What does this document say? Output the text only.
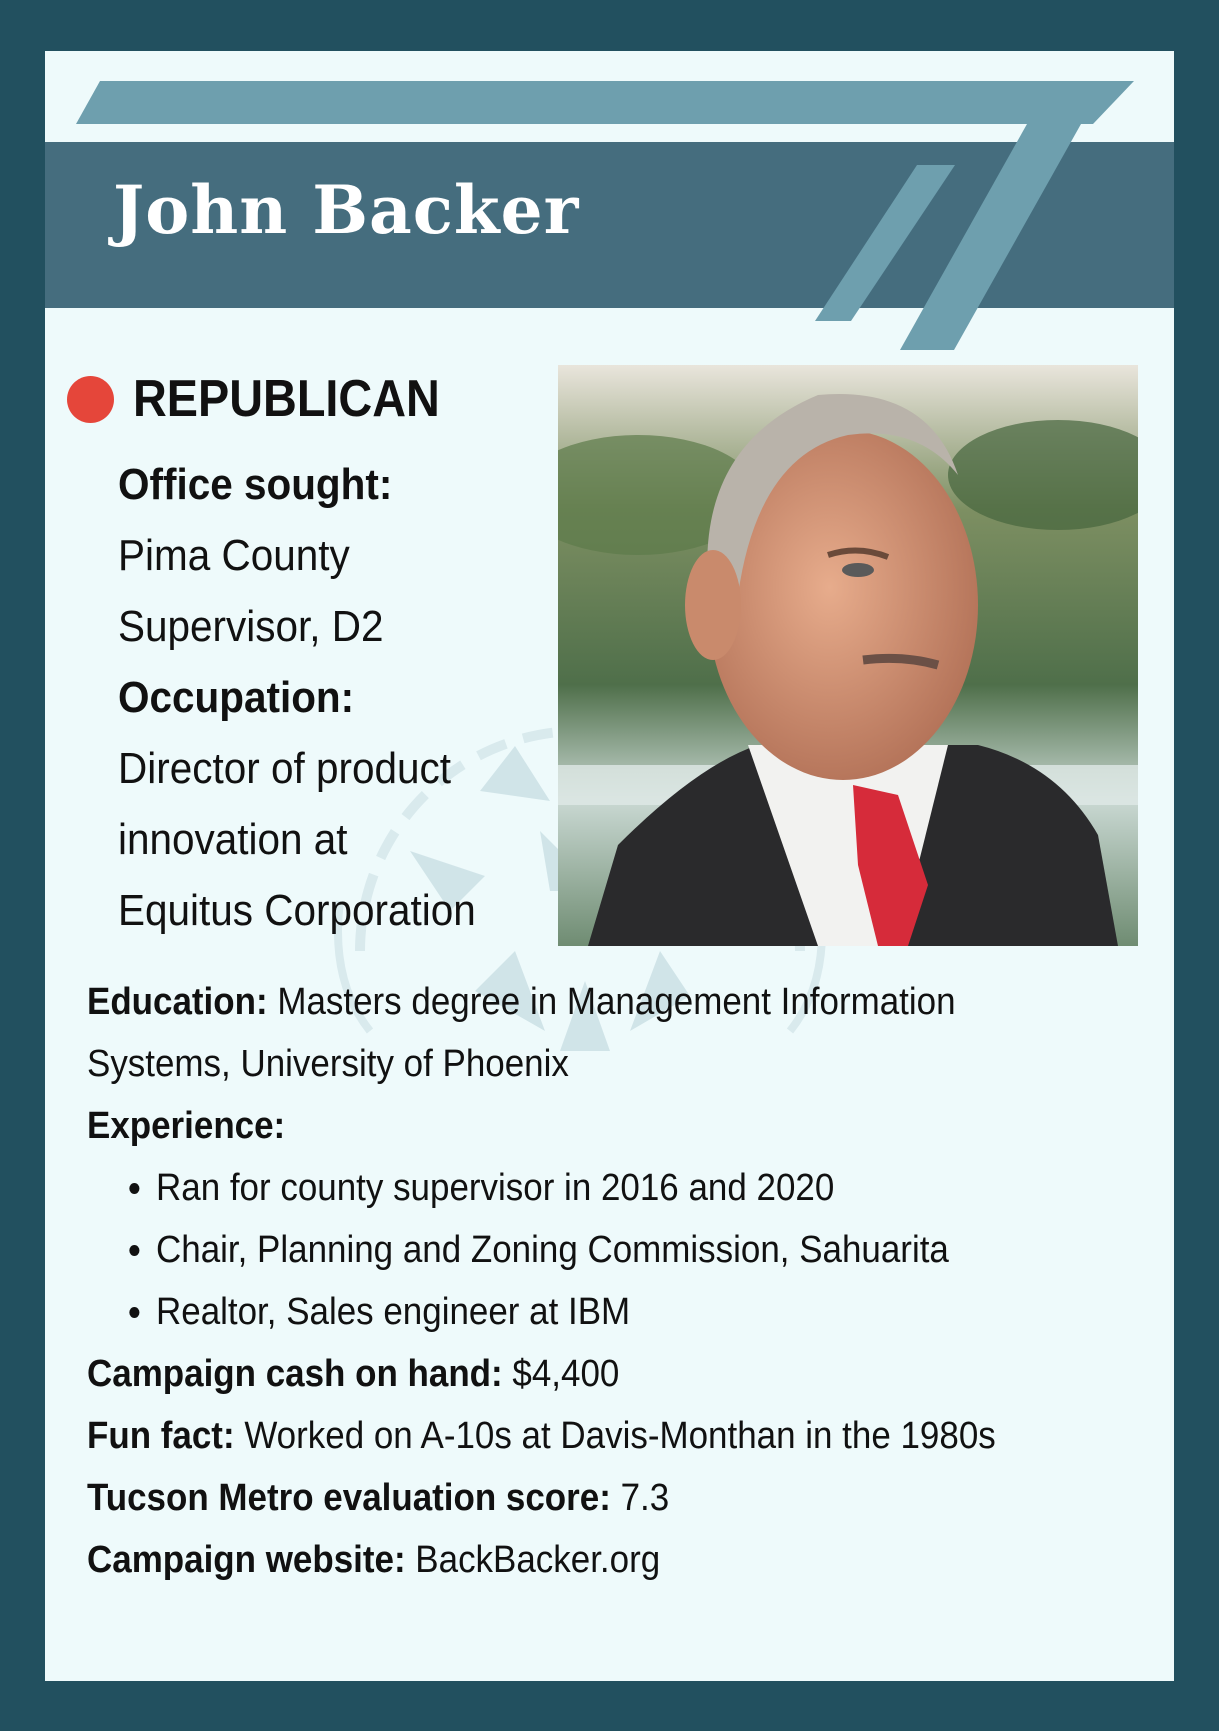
John Backer
REPUBLICAN
Office sought:
Pima County
Supervisor, D2
Occupation:
Director of product
innovation at
Equitus Corporation
Education: Masters degree in Management Information Systems, University of Phoenix
Experience:
• Ran for county supervisor in 2016 and 2020
• Chair, Planning and Zoning Commission, Sahuarita
• Realtor, Sales engineer at IBM
Campaign cash on hand: $4,400
Fun fact: Worked on A-10s at Davis-Monthan in the 1980s
Tucson Metro evaluation score: 7.3
Campaign website: BackBacker.org
